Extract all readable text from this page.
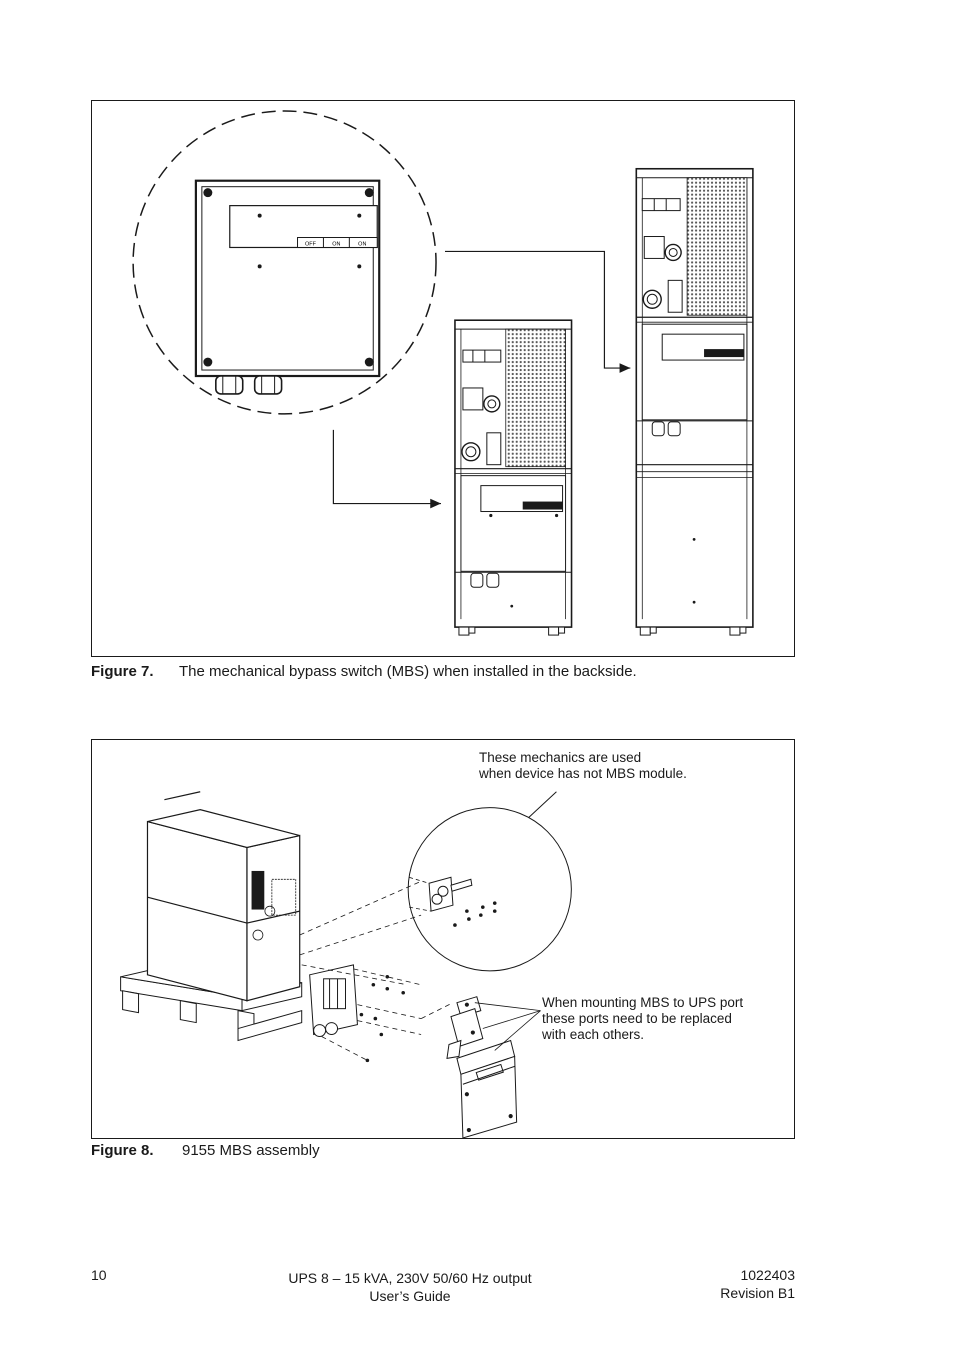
OFF	ON	ON
Figure 7. The mechanical bypass switch (MBS) when installed in the backside.
These mechanics are used
when device has not MBS module.
When mounting MBS to UPS port
these ports need to be replaced
with each others.
Figure 8. 9155 MBS assembly
10	UPS 8 – 15 kVA, 230V 50/60 Hz output
User’s Guide
1022403
Revision B1
